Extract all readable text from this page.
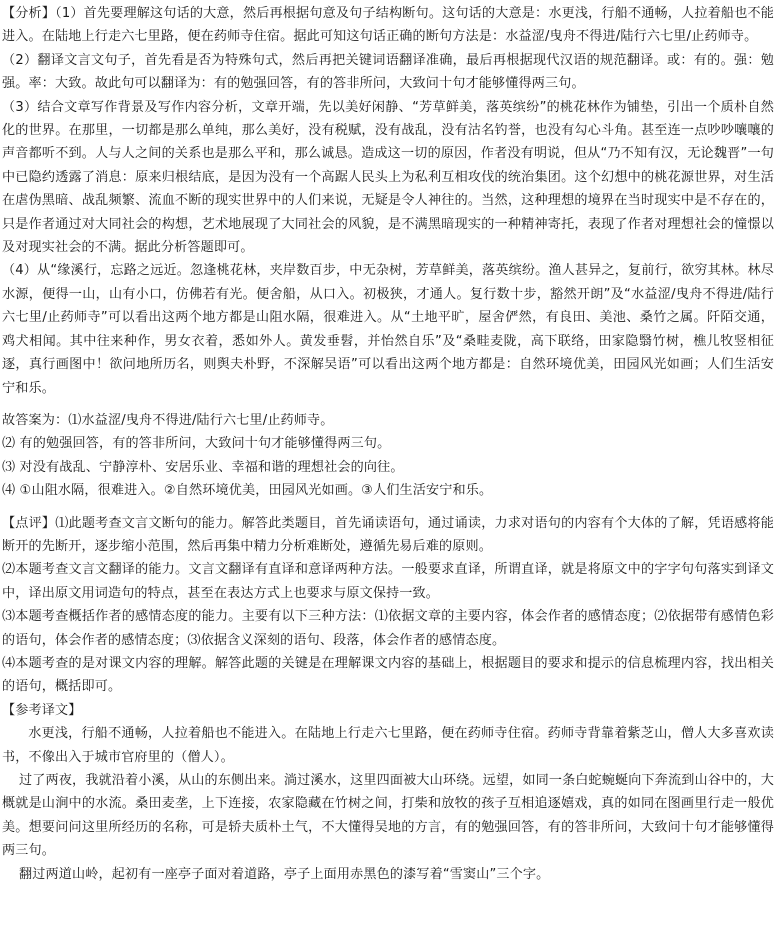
【分析】（1）首先要理解这句话的大意，然后再根据句意及句子结构断句。这句话的大意是：水更浅，行船不通畅，人拉着船也不能进入。在陆地上行走六七里路，便在药师寺住宿。据此可知这句话正确的断句方法是：水益涩/曳舟不得进/陆行六七里/止药师寺。

（2）翻译文言文句子，首先看是否为特殊句式，然后再把关键词语翻译准确，最后再根据现代汉语的规范翻译。或：有的。强：勉强。率：大致。故此句可以翻译为：有的勉强回答，有的答非所问，大致问十句才能够懂得两三句。

（3）结合文章写作背景及写作内容分析，文章开端，先以美好闲静、“芳草鲜美，落英缤纷”的桃花林作为铺垫，引出一个质朴自然化的世界。在那里，一切都是那么单纯，那么美好，没有税赋，没有战乱，没有沽名钓誉，也没有勾心斗角。甚至连一点吵吵嚷嚷的声音都听不到。人与人之间的关系也是那么平和，那么诚恳。造成这一切的原因，作者没有明说，但从“乃不知有汉，无论魏晋”一句中已隐约透露了消息：原来归根结底，是因为没有一个高踞人民头上为私利互相攻伐的统治集团。这个幻想中的桃花源世界，对生活在虐伪黑暗、战乱频繁、流血不断的现实世界中的人们来说，无疑是令人神往的。当然，这种理想的境界在当时现实中是不存在的，只是作者通过对大同社会的构想，艺术地展现了大同社会的风貌，是不满黑暗现实的一种精神寄托，表现了作者对理想社会的憧憬以及对现实社会的不满。据此分析答题即可。

（4）从“缘溪行，忘路之远近。忽逢桃花林，夹岸数百步，中无杂树，芳草鲜美，落英缤纷。渔人甚异之，复前行，欲穷其林。林尽水源，便得一山，山有小口，仿佛若有光。便舍船，从口入。初极狭，才通人。复行数十步，豁然开朗”及“水益涩/曳舟不得进/陆行六七里/止药师寺”可以看出这两个地方都是山阻水隔，很难进入。从“土地平旷，屋舍俨然，有良田、美池、桑竹之属。阡陌交通，鸡犬相闻。其中往来种作，男女衣着，悉如外人。黄发垂髫，并怡然自乐”及“桑畦麦陇，高下联络，田家隐翳竹树，樵儿牧竖相征逐，真行画图中！欲问地所历名，则舆夫朴野，不深解吴语”可以看出这两个地方都是：自然环境优美，田园风光如画；人们生活安宁和乐。

故答案为：⑴水益涩/曳舟不得进/陆行六七里/止药师寺。

⑵ 有的勉强回答，有的答非所问，大致问十句才能够懂得两三句。

⑶ 对没有战乱、宁静淳朴、安居乐业、幸福和谐的理想社会的向往。

⑷ ①山阻水隔，很难进入。②自然环境优美，田园风光如画。③人们生活安宁和乐。

【点评】⑴此题考查文言文断句的能力。解答此类题目，首先诵读语句，通过诵读，力求对语句的内容有个大体的了解，凭语感将能断开的先断开，逐步缩小范围，然后再集中精力分析难断处，遵循先易后难的原则。

⑵本题考查文言文翻译的能力。文言文翻译有直译和意译两种方法。一般要求直译，所谓直译，就是将原文中的字字句句落实到译文中，译出原文用词造句的特点，甚至在表达方式上也要求与原文保持一致。

⑶本题考查概括作者的感情态度的能力。主要有以下三种方法：⑴依据文章的主要内容，体会作者的感情态度；⑵依据带有感情色彩的语句，体会作者的感情态度；⑶依据含义深刻的语句、段落，体会作者的感情态度。

⑷本题考查的是对课文内容的理解。解答此题的关键是在理解课文内容的基础上，根据题目的要求和提示的信息梳理内容，找出相关的语句，概括即可。

【参考译文】

水更浅，行船不通畅，人拉着船也不能进入。在陆地上行走六七里路，便在药师寺住宿。药师寺背靠着紫芝山，僧人大多喜欢读书，不像出入于城市官府里的（僧人）。

过了两夜，我就沿着小溪，从山的东侧出来。淌过溪水，这里四面被大山环绕。远望，如同一条白蛇蜿蜒向下奔流到山谷中的，大概就是山涧中的水流。桑田麦垄，上下连接，农家隐藏在竹树之间，打柴和放牧的孩子互相追逐嬉戏，真的如同在图画里行走一般优美。想要问问这里所经历的名称，可是轿夫质朴土气，不大懂得吴地的方言，有的勉强回答，有的答非所问，大致问十句才能够懂得两三句。

翻过两道山岭，起初有一座亭子面对着道路，亭子上面用赤黑色的漆写着“雪窦山”三个字。
